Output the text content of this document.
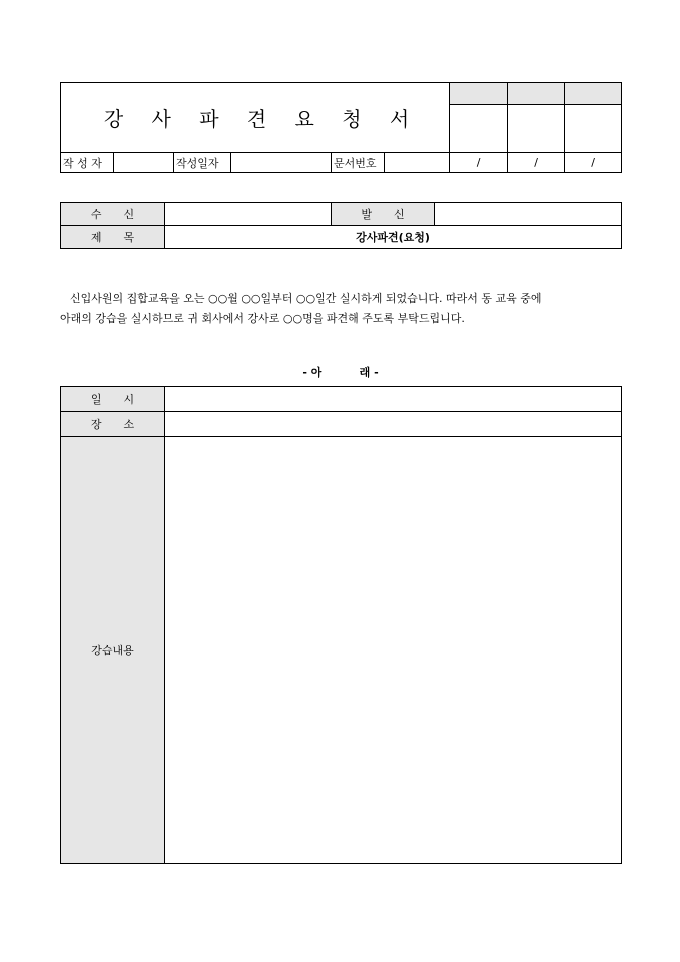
강 사 파 견 요 청 서								

작 성 자		작성일자		문서번호		/	/	/
수　　신		발　　신	
제　　목	강사파견(요청)		

신입사원의 집합교육을 오는 ○○월 ○○일부터 ○○일간 실시하게 되었습니다. 따라서 동 교육 중에

아래의 강습을 실시하므로 귀 회사에서 강사로 ○○명을 파견해 주도록 부탁드립니다.

- 아          래 -
일　　시	
장　　소	
강습내용	
